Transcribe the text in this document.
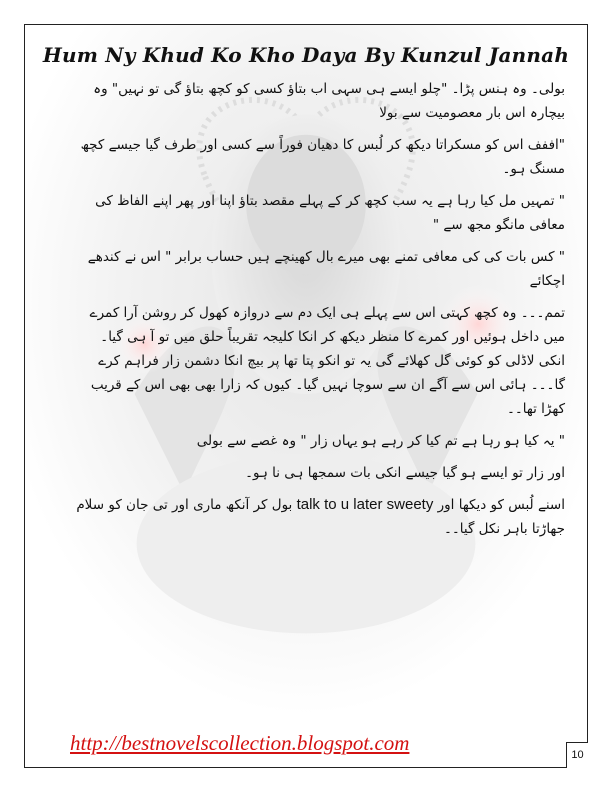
Hum Ny Khud Ko Kho Daya By Kunzul Jannah

بولی۔ وہ ہنس پڑا۔ "چلو ایسے ہی سہی اب بتاؤ کسی کو کچھ بتاؤ گی تو نہیں" وہ بیچارہ اس بار معصومیت سے بولا

"اففف اس کو مسکراتا دیکھ کر لُبس کا دھیان فوراً سے کسی اور طرف گیا جیسے کچھ مسنگ ہو۔

" تمہیں مل کیا رہا ہے یہ سب کچھ کر کے پہلے مقصد بتاؤ اپنا اور پھر اپنے الفاظ کی معافی مانگو مجھ سے "

" کس بات کی کی معافی تمنے بھی میرے بال کھینچے ہیں حساب برابر " اس نے کندھے اچکائے

تمم۔۔۔ وہ کچھ کہتی اس سے پہلے ہی ایک دم سے دروازہ کھول کر روشن آرا کمرے میں داخل ہوئیں اور کمرے کا منظر دیکھ کر انکا کلیجہ تقریباً حلق میں تو آ ہی گیا۔ انکی لاڈلی کو کوئی گل کھلائے گی یہ تو انکو پتا تھا پر بیچ انکا دشمن زار فراہم کرے گا۔۔۔ ہائی اس سے آگے ان سے سوچا نہیں گیا۔ کیوں کہ زارا بھی بھی اس کے قریب کھڑا تھا۔۔

" یہ کیا ہو رہا ہے تم کیا کر رہے ہو یہاں زار " وہ غصے سے بولی

اور زار تو ایسے ہو گیا جیسے انکی بات سمجھا ہی نا ہو۔

اسنے لُبس کو دیکھا اور talk to u later sweety بول کر آنکھ ماری اور تی جان کو سلام جھاڑتا باہر نکل گیا۔۔

http://bestnovelscollection.blogspot.com	10
